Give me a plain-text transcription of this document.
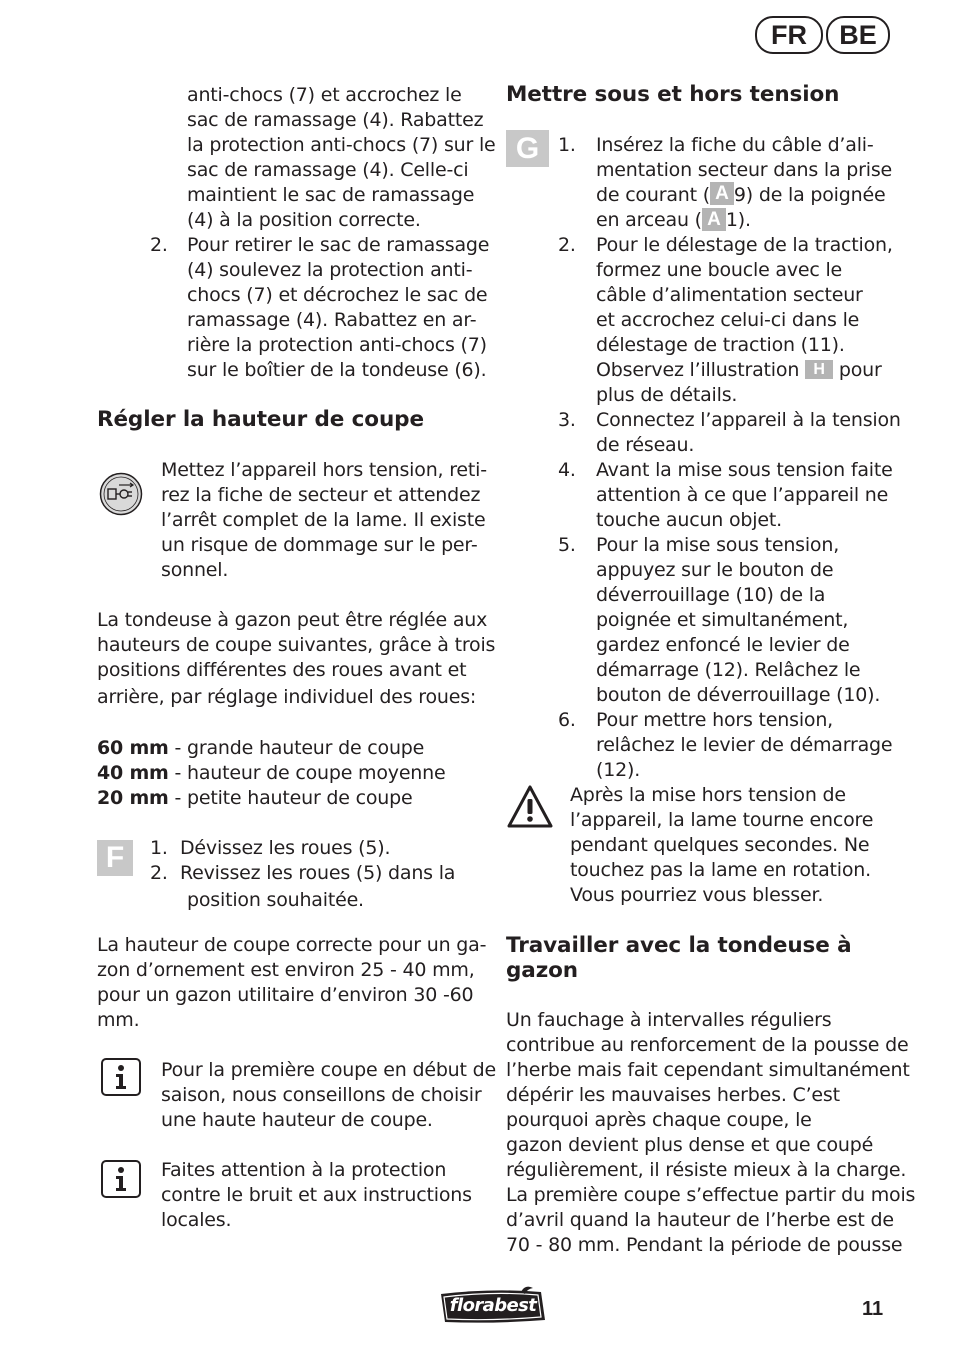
FR	BE
anti-chocs (7) et accrochez le
sac de ramassage (4). Rabattez
la protection anti-chocs (7) sur le
sac de ramassage (4). Celle-ci
maintient le sac de ramassage
(4) à la position correcte.
2. Pour retirer le sac de ramassage
(4) soulevez la protection anti-
chocs (7) et décrochez le sac de
ramassage (4). Rabattez en ar-
rière la protection anti-chocs (7)
sur le boîtier de la tondeuse (6).
Régler la hauteur de coupe
Mettez l’appareil hors tension, reti-
rez la fiche de secteur et attendez
l’arrêt complet de la lame. Il existe
un risque de dommage sur le per-
sonnel.
La tondeuse à gazon peut être réglée aux
hauteurs de coupe suivantes, grâce à trois
positions différentes des roues avant et
arrière, par réglage individuel des roues:
60 mm - grande hauteur de coupe
40 mm - hauteur de coupe moyenne
20 mm - petite hauteur de coupe
F	1. Dévissez les roues (5).
2. Revissez les roues (5) dans la
position souhaitée.
La hauteur de coupe correcte pour un ga-
zon d’ornement est environ 25 - 40 mm,
pour un gazon utilitaire d’environ 30 -60
mm.
Pour la première coupe en début de
saison, nous conseillons de choisir
une haute hauteur de coupe.
Faites attention à la protection
contre le bruit et aux instructions
locales.
Mettre sous et hors tension
G 1. Insérez la fiche du câble d’ali-
mentation secteur dans la prise
de courant ( A 9) de la poignée
en arceau ( A 1).
2. Pour le délestage de la traction,
formez une boucle avec le
câble d’alimentation secteur
et accrochez celui-ci dans le
délestage de traction (11).
Observez l’illustration H pour
plus de détails.
3. Connectez l’appareil à la tension
de réseau.
4. Avant la mise sous tension faite
attention à ce que l’appareil ne
touche aucun objet.
5. Pour la mise sous tension,
appuyez sur le bouton de
déverrouillage (10) de la
poignée et simultanément,
gardez enfoncé le levier de
démarrage (12). Relâchez le
bouton de déverrouillage (10).
6. Pour mettre hors tension,
relâchez le levier de démarrage
(12).
Après la mise hors tension de
l’appareil, la lame tourne encore
pendant quelques secondes. Ne
touchez pas la lame en rotation.
Vous pourriez vous blesser.
Travailler avec la tondeuse à
gazon
Un fauchage à intervalles réguliers
contribue au renforcement de la pousse de
l’herbe mais fait cependant simultanément
dépérir les mauvaises herbes. C’est
pourquoi après chaque coupe, le
gazon devient plus dense et que coupé
régulièrement, il résiste mieux à la charge.
La première coupe s’effectue partir du mois
d’avril quand la hauteur de l’herbe est de
70 - 80 mm. Pendant la période de pousse
florabest	11
